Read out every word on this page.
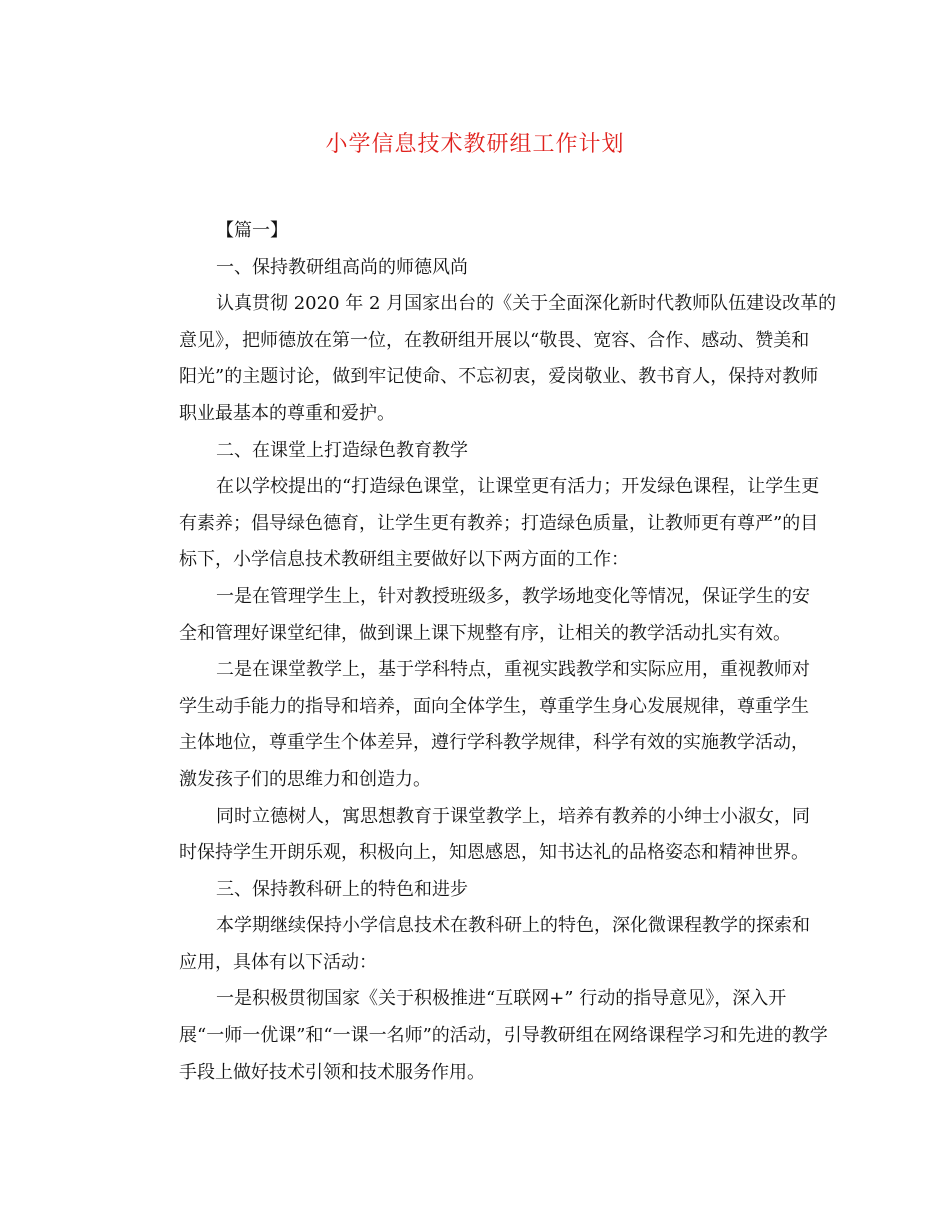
小学信息技术教研组工作计划
【篇一】
一、保持教研组高尚的师德风尚
认真贯彻 2020 年 2 月国家出台的《关于全面深化新时代教师队伍建设改革的
意见》，把师德放在第一位，在教研组开展以“敬畏、宽容、合作、感动、赞美和
阳光”的主题讨论，做到牢记使命、不忘初衷，爱岗敬业、教书育人，保持对教师
职业最基本的尊重和爱护。
二、在课堂上打造绿色教育教学
在以学校提出的“打造绿色课堂，让课堂更有活力；开发绿色课程，让学生更
有素养；倡导绿色德育，让学生更有教养；打造绿色质量，让教师更有尊严”的目
标下，小学信息技术教研组主要做好以下两方面的工作：
一是在管理学生上，针对教授班级多，教学场地变化等情况，保证学生的安
全和管理好课堂纪律，做到课上课下规整有序，让相关的教学活动扎实有效。
二是在课堂教学上，基于学科特点，重视实践教学和实际应用，重视教师对
学生动手能力的指导和培养，面向全体学生，尊重学生身心发展规律，尊重学生
主体地位，尊重学生个体差异，遵行学科教学规律，科学有效的实施教学活动，
激发孩子们的思维力和创造力。
同时立德树人，寓思想教育于课堂教学上，培养有教养的小绅士小淑女，同
时保持学生开朗乐观，积极向上，知恩感恩，知书达礼的品格姿态和精神世界。
三、保持教科研上的特色和进步
本学期继续保持小学信息技术在教科研上的特色，深化微课程教学的探索和
应用，具体有以下活动：
一是积极贯彻国家《关于积极推进“互联网+” 行动的指导意见》，深入开
展“一师一优课”和“一课一名师”的活动，引导教研组在网络课程学习和先进的教学
手段上做好技术引领和技术服务作用。
